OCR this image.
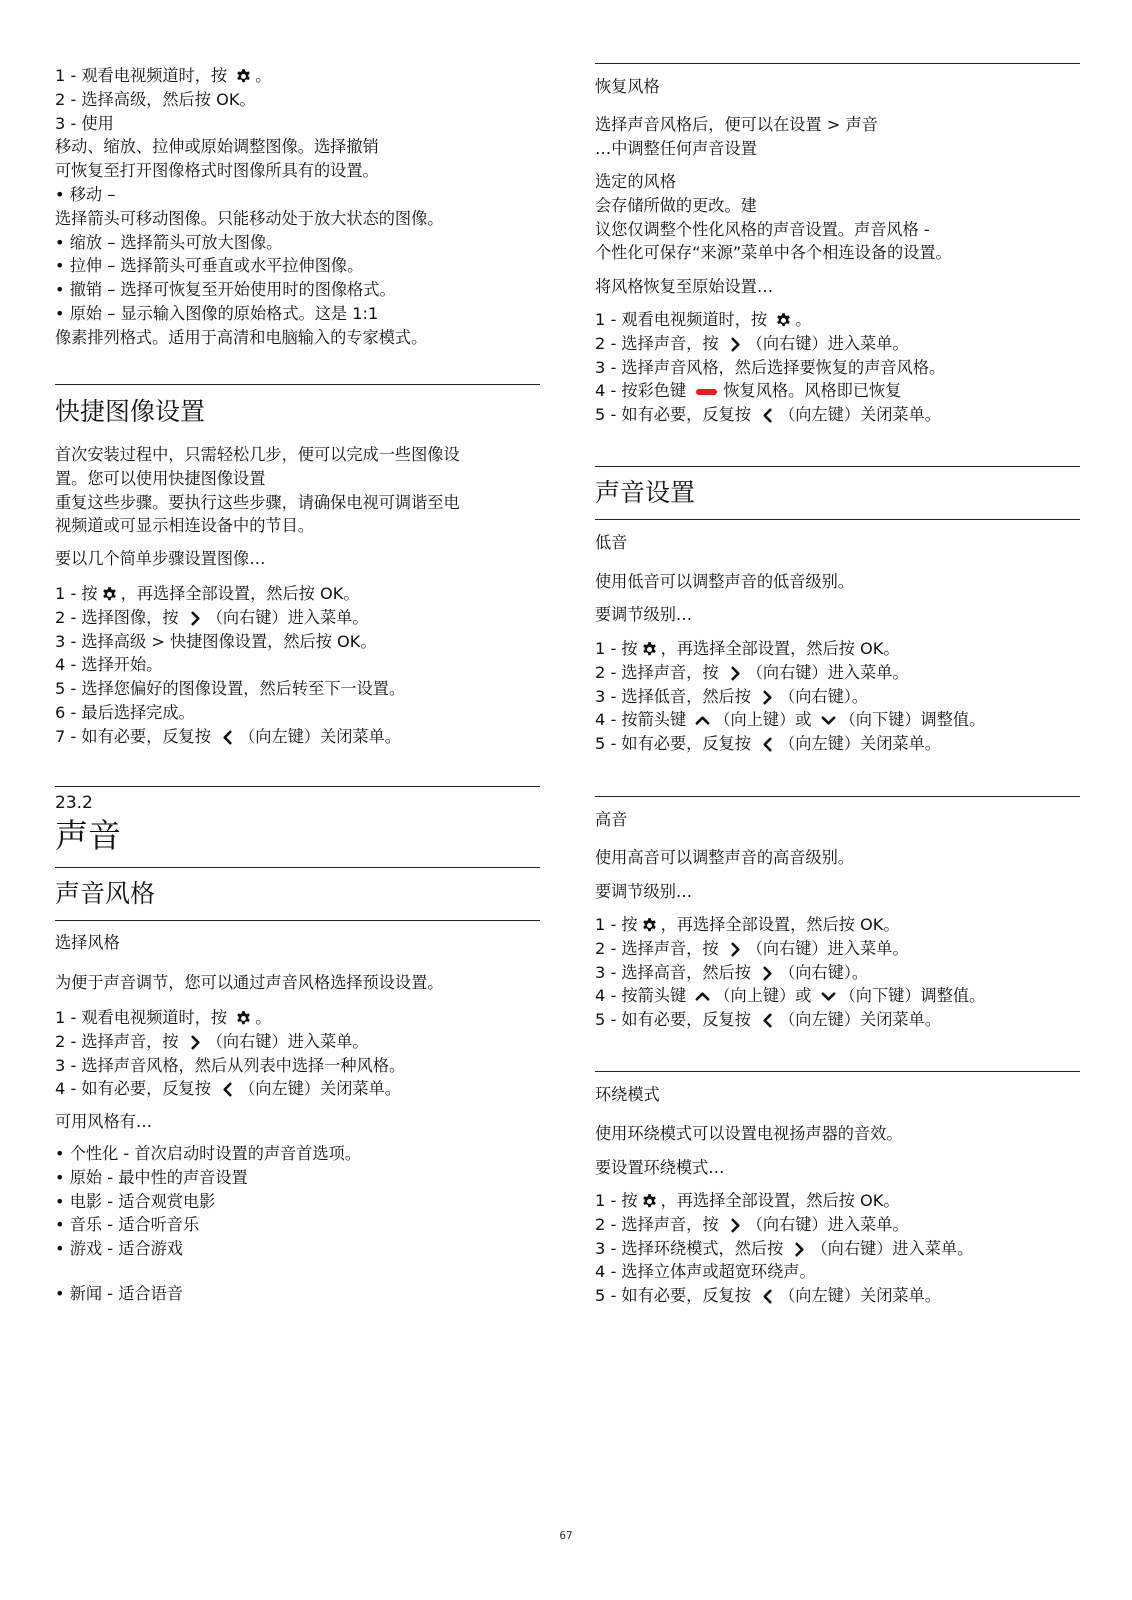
1 - 观看电视频道时，按
。
2 - 选择高级，然后按 OK。
3 - 使用
移动、缩放、拉伸或原始调整图像。选择撤销
可恢复至打开图像格式时图像所具有的设置。
• 移动 –
选择箭头可移动图像。只能移动处于放大状态的图像。
• 缩放 – 选择箭头可放大图像。
• 拉伸 – 选择箭头可垂直或水平拉伸图像。
• 撤销 – 选择可恢复至开始使用时的图像格式。
• 原始 – 显示输入图像的原始格式。这是 1:1
像素排列格式。适用于高清和电脑输入的专家模式。
快捷图像设置
首次安装过程中，只需轻松几步，便可以完成一些图像设
置。您可以使用快捷图像设置
重复这些步骤。要执行这些步骤，请确保电视可调谐至电
视频道或可显示相连设备中的节目。
要以几个简单步骤设置图像…
1 - 按 ，再选择全部设置，然后按 OK。
2 - 选择图像，按
（向右键）进入菜单。
3 - 选择高级 > 快捷图像设置，然后按 OK。
4 - 选择开始。
5 - 选择您偏好的图像设置，然后转至下一设置。
6 - 最后选择完成。
7 - 如有必要，反复按
（向左键）关闭菜单。
23.2
声音
声音风格
选择风格
为便于声音调节，您可以通过声音风格选择预设设置。
1 - 观看电视频道时，按
。
2 - 选择声音，按
（向右键）进入菜单。
3 - 选择声音风格，然后从列表中选择一种风格。
4 - 如有必要，反复按
（向左键）关闭菜单。
可用风格有…
• 个性化 - 首次启动时设置的声音首选项。
• 原始 - 最中性的声音设置
• 电影 - 适合观赏电影
• 音乐 - 适合听音乐
• 游戏 - 适合游戏
• 新闻 - 适合语音
恢复风格
选择声音风格后，便可以在设置 > 声音
…中调整任何声音设置
选定的风格
会存储所做的更改。建
议您仅调整个性化风格的声音设置。声音风格 -
个性化可保存“来源”菜单中各个相连设备的设置。
将风格恢复至原始设置…
1 - 观看电视频道时，按
。
2 - 选择声音，按
（向右键）进入菜单。
3 - 选择声音风格，然后选择要恢复的声音风格。
4 - 按彩色键 恢复风格。风格即已恢复
5 - 如有必要，反复按
（向左键）关闭菜单。
声音设置
低音
使用低音可以调整声音的低音级别。
要调节级别…
1 - 按 ，再选择全部设置，然后按 OK。
2 - 选择声音，按
（向右键）进入菜单。
3 - 选择低音，然后按
（向右键）。
4 - 按箭头键
（向上键）或
（向下键）调整值。
5 - 如有必要，反复按
（向左键）关闭菜单。
高音
使用高音可以调整声音的高音级别。
要调节级别…
1 - 按 ，再选择全部设置，然后按 OK。
2 - 选择声音，按
（向右键）进入菜单。
3 - 选择高音，然后按
（向右键）。
4 - 按箭头键
（向上键）或
（向下键）调整值。
5 - 如有必要，反复按
（向左键）关闭菜单。
环绕模式
使用环绕模式可以设置电视扬声器的音效。
要设置环绕模式…
1 - 按 ，再选择全部设置，然后按 OK。
2 - 选择声音，按
（向右键）进入菜单。
3 - 选择环绕模式，然后按
（向右键）进入菜单。
4 - 选择立体声或超宽环绕声。
5 - 如有必要，反复按
（向左键）关闭菜单。
67
